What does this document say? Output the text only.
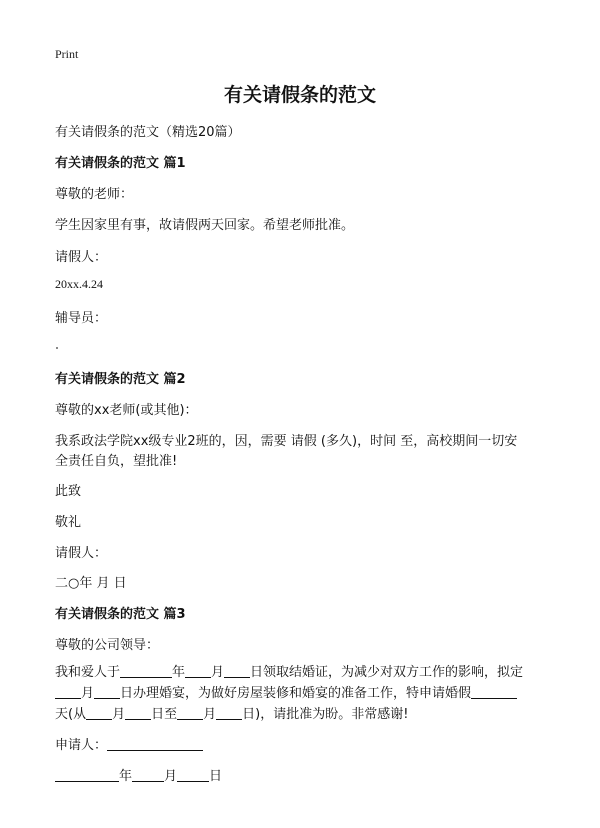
Print
有关请假条的范文
有关请假条的范文（精选20篇）
有关请假条的范文 篇1
尊敬的老师：
学生因家里有事，故请假两天回家。希望老师批准。
请假人：
20xx.4.24
辅导员：
有关请假条的范文 篇2
尊敬的xx老师(或其他)：
我系政法学院xx级专业2班的，因，需要 请假 (多久)，时间 至，高校期间一切安
全责任自负，望批准!
此致
敬礼
请假人：
二○年 月 日
有关请假条的范文 篇3
尊敬的公司领导：
我和爱人于	年 月 日领取结婚证，为减少对双方工作的影响，拟定
月 日办理婚宴，为做好房屋装修和婚宴的准备工作，特申请婚假
天(从 月 日至 月 日)，请批准为盼。非常感谢!
申请人：
年 月 日
